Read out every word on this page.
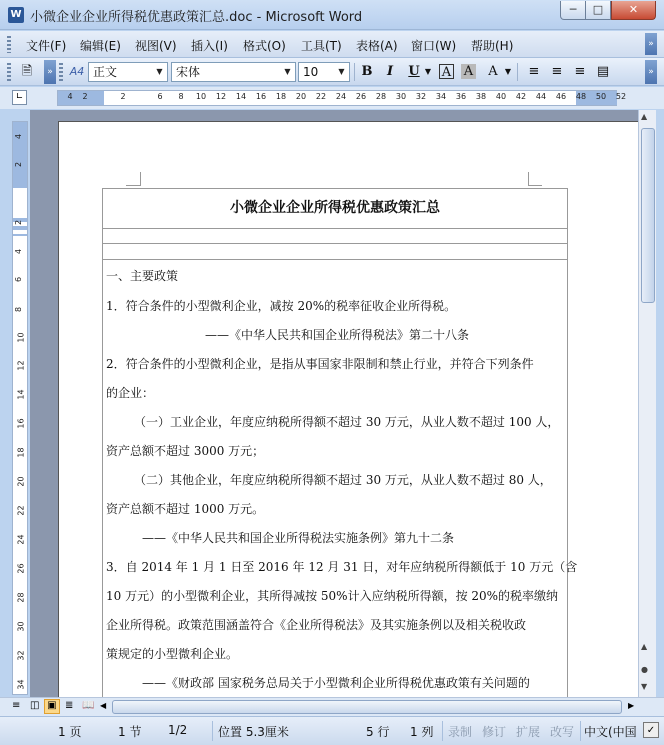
W 小微企业企业所得税优惠政策汇总.doc - Microsoft Word
─	□	✕
»
文件(F) 编辑(E) 视图(V) 插入(I) 格式(O) 工具(T) 表格(A) 窗口(W) 帮助(H)
🗎	» A4 正文	▼	宋体	▼	10	▼ B	I	U ▼ A A	A ▼ ≡ ≡ ≡ ▤	»
∟	4 2	2	6 8 10 12 14 16 18 20 22 24 26 28 30 32 34 36 38 40 42 44 46 48 50 52
4
2
2
4
6
8
10
12
14
16
18
20
22
24
26
28
30
32
34
小微企业企业所得税优惠政策汇总
一、主要政策
1．符合条件的小型微利企业，减按 20%的税率征收企业所得税。
——《中华人民共和国企业所得税法》第二十八条
2．符合条件的小型微利企业，是指从事国家非限制和禁止行业，并符合下列条件
的企业：
（一）工业企业，年度应纳税所得额不超过 30 万元，从业人数不超过 100 人，
资产总额不超过 3000 万元；
（二）其他企业，年度应纳税所得额不超过 30 万元，从业人数不超过 80 人，
资产总额不超过 1000 万元。
——《中华人民共和国企业所得税法实施条例》第九十二条
3．自 2014 年 1 月 1 日至 2016 年 12 月 31 日，对年应纳税所得额低于 10 万元（含
10 万元）的小型微利企业，其所得减按 50%计入应纳税所得额，按 20%的税率缴纳
企业所得税。政策范围涵盖符合《企业所得税法》及其实施条例以及相关税收政
策规定的小型微利企业。
——《财政部 国家税务总局关于小型微利企业所得税优惠政策有关问题的
▲
▲
●
▼
≡ ◫ ▣ ≣ 📖 ◀	▶
1 页	1 节 1/2	位置 5.3厘米	5 行 1 列 录制 修订 扩展 改写 中文(中国	✓
